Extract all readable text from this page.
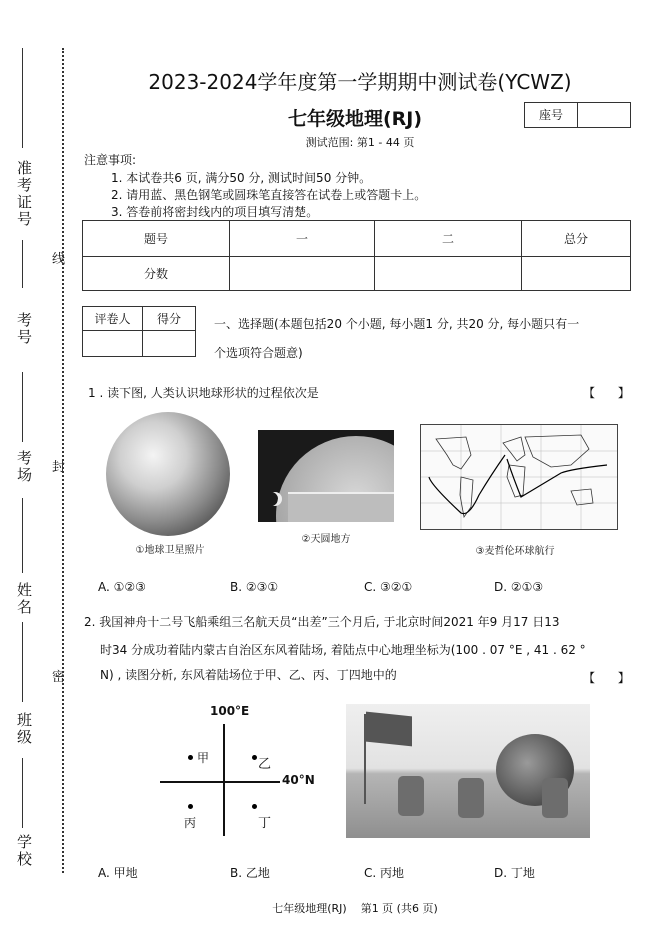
准考证号
考号
考场
姓名
班级
学校
线
封
密
2023-2024学年度第一学期期中测试卷(YCWZ)
七年级地理(RJ)	座号
测试范围: 第1 - 44 页
注意事项:
1. 本试卷共6 页, 满分50 分, 测试时间50 分钟。
2. 请用蓝、黑色钢笔或圆珠笔直接答在试卷上或答题卡上。
3. 答卷前将密封线内的项目填写清楚。
题号	一	二	总分
分数			
评卷人	得分
		一、选择题(本题包括20 个小题, 每小题1 分, 共20 分, 每小题只有一
个选项符合题意)
1 . 读下图, 人类认识地球形状的过程依次是	【      】
①地球卫星照片
②天圆地方
③麦哲伦环球航行
A. ①②③	B. ②③①	C. ③②①	D. ②①③
2. 我国神舟十二号飞船乘组三名航天员“出差”三个月后, 于北京时间2021 年9 月17 日13
时34 分成功着陆内蒙古自治区东风着陆场, 着陆点中心地理坐标为(100 . 07 °E , 41 . 62 °
N) , 读图分析, 东风着陆场位于甲、乙、丙、丁四地中的	【      】
100°E
40°N
甲	乙
丙	丁
A. 甲地	B. 乙地	C. 丙地	D. 丁地
七年级地理(RJ)    第1 页 (共6 页)
